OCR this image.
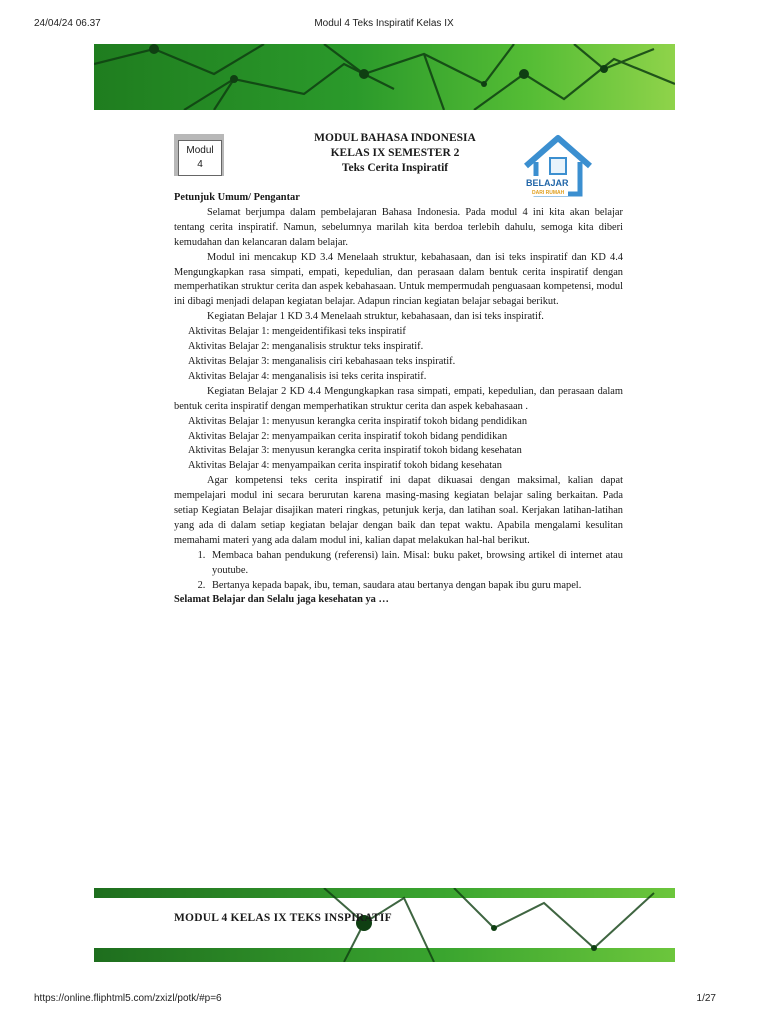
24/04/24 06.37	Modul 4 Teks Inspiratif Kelas IX
Modul
4
MODUL BAHASA INDONESIA
KELAS IX SEMESTER 2
Teks Cerita Inspiratif
BELAJAR
DARI RUMAH

Petunjuk Umum/ Pengantar

Selamat berjumpa dalam pembelajaran Bahasa Indonesia. Pada modul 4 ini kita akan belajar tentang cerita inspiratif. Namun, sebelumnya marilah kita berdoa terlebih dahulu, semoga kita diberi kemudahan dan kelancaran dalam belajar.

Modul ini mencakup KD 3.4 Menelaah struktur, kebahasaan, dan isi teks inspiratif dan KD 4.4 Mengungkapkan rasa simpati, empati, kepedulian, dan perasaan dalam bentuk cerita inspiratif dengan memperhatikan struktur cerita dan aspek kebahasaan. Untuk mempermudah penguasaan kompetensi, modul ini dibagi menjadi delapan kegiatan belajar. Adapun rincian kegiatan belajar sebagai berikut.

Kegiatan Belajar 1 KD 3.4 Menelaah struktur, kebahasaan, dan isi teks inspiratif.

Aktivitas Belajar 1: mengeidentifikasi teks inspiratif

Aktivitas Belajar 2: menganalisis struktur teks inspiratif.

Aktivitas Belajar 3: menganalisis ciri kebahasaan teks inspiratif.

Aktivitas Belajar 4: menganalisis isi teks cerita inspiratif.

Kegiatan Belajar 2 KD 4.4 Mengungkapkan rasa simpati, empati, kepedulian, dan perasaan dalam bentuk cerita inspiratif dengan memperhatikan struktur cerita dan aspek kebahasaan .

Aktivitas Belajar 1: menyusun kerangka cerita inspiratif tokoh bidang pendidikan

Aktivitas Belajar 2: menyampaikan cerita inspiratif tokoh bidang pendidikan

Aktivitas Belajar 3: menyusun kerangka cerita inspiratif tokoh bidang kesehatan

Aktivitas Belajar 4: menyampaikan cerita inspiratif tokoh bidang kesehatan

Agar kompetensi teks cerita inspiratif ini dapat dikuasai dengan maksimal, kalian dapat mempelajari modul ini secara berurutan karena masing-masing kegiatan belajar saling berkaitan. Pada setiap Kegiatan Belajar disajikan materi ringkas, petunjuk kerja, dan latihan soal. Kerjakan latihan-latihan yang ada di dalam setiap kegiatan belajar dengan baik dan tepat waktu. Apabila mengalami kesulitan memahami materi yang ada dalam modul ini, kalian dapat melakukan hal-hal berikut.

1. Membaca bahan pendukung (referensi) lain. Misal: buku paket, browsing artikel di internet atau youtube.
2. Bertanya kepada bapak, ibu, teman, saudara atau bertanya dengan bapak ibu guru mapel.

Selamat Belajar dan Selalu jaga kesehatan ya …

MODUL 4 KELAS IX TEKS INSPIRATIF
https://online.fliphtml5.com/zxizl/potk/#p=6	1/27
